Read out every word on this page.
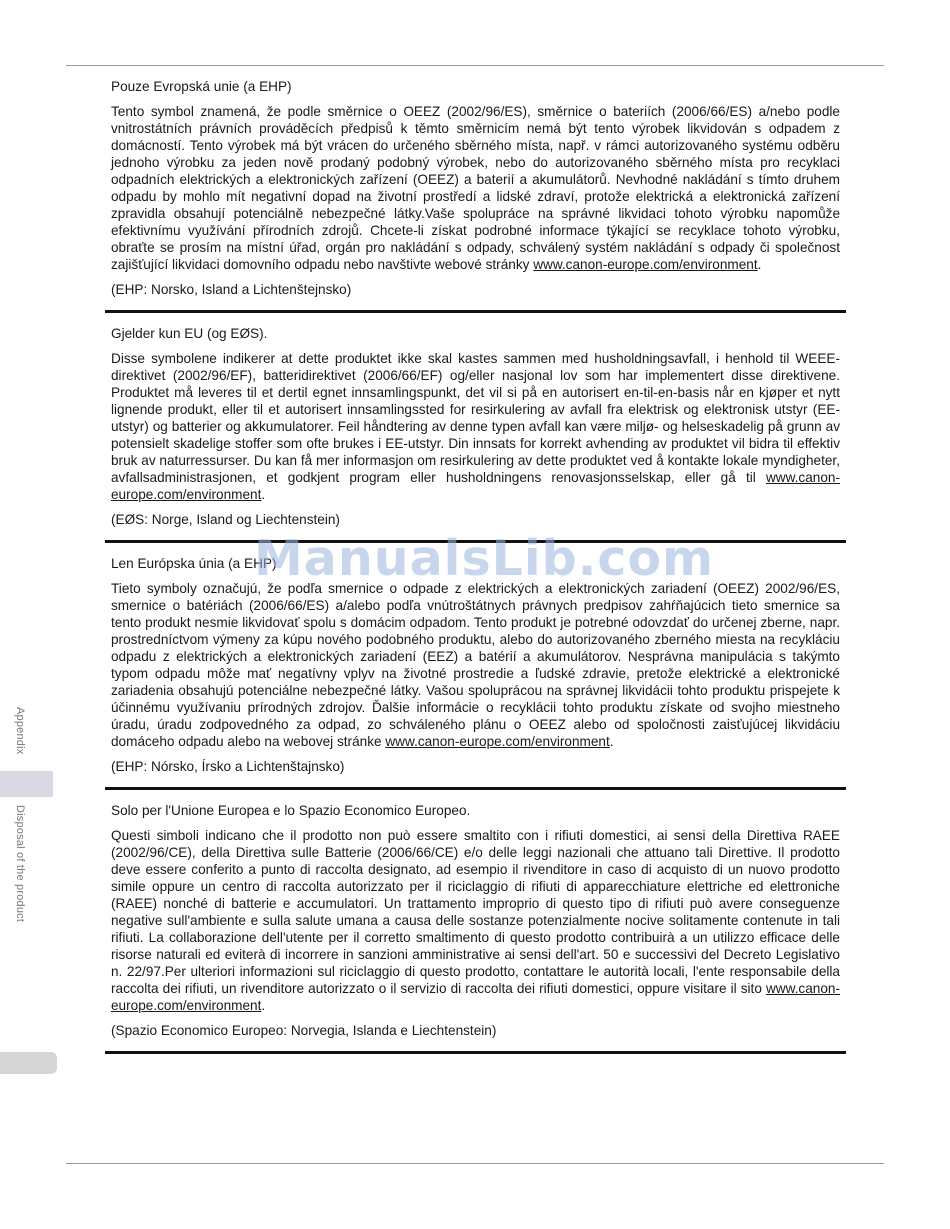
Pouze Evropská unie (a EHP)

Tento symbol znamená, že podle směrnice o OEEZ (2002/96/ES), směrnice o bateriích (2006/66/ES) a/nebo podle vnitrostátních právních prováděcích předpisů k těmto směrnicím nemá být tento výrobek likvidován s odpadem z domácností. Tento výrobek má být vrácen do určeného sběrného místa, např. v rámci autorizovaného systému odběru jednoho výrobku za jeden nově prodaný podobný výrobek, nebo do autorizovaného sběrného místa pro recyklaci odpadních elektrických a elektronických zařízení (OEEZ) a baterií a akumulátorů. Nevhodné nakládání s tímto druhem odpadu by mohlo mít negativní dopad na životní prostředí a lidské zdraví, protože elektrická a elektronická zařízení zpravidla obsahují potenciálně nebezpečné látky.Vaše spolupráce na správné likvidaci tohoto výrobku napomůže efektivnímu využívání přírodních zdrojů. Chcete-li získat podrobné informace týkající se recyklace tohoto výrobku, obraťte se prosím na místní úřad, orgán pro nakládání s odpady, schválený systém nakládání s odpady či společnost zajišťující likvidaci domovního odpadu nebo navštivte webové stránky www.canon-europe.com/environment.

(EHP: Norsko, Island a Lichtenštejnsko)

Gjelder kun EU (og EØS).

Disse symbolene indikerer at dette produktet ikke skal kastes sammen med husholdningsavfall, i henhold til WEEE-direktivet (2002/96/EF), batteridirektivet (2006/66/EF) og/eller nasjonal lov som har implementert disse direktivene. Produktet må leveres til et dertil egnet innsamlingspunkt, det vil si på en autorisert en-til-en-basis når en kjøper et nytt lignende produkt, eller til et autorisert innsamlingssted for resirkulering av avfall fra elektrisk og elektronisk utstyr (EE-utstyr) og batterier og akkumulatorer. Feil håndtering av denne typen avfall kan være miljø- og helseskadelig på grunn av potensielt skadelige stoffer som ofte brukes i EE-utstyr. Din innsats for korrekt avhending av produktet vil bidra til effektiv bruk av naturressurser. Du kan få mer informasjon om resirkulering av dette produktet ved å kontakte lokale myndigheter, avfallsadministrasjonen, et godkjent program eller husholdningens renovasjonsselskap, eller gå til www.canon-europe.com/environment.

(EØS: Norge, Island og Liechtenstein)

Len Európska únia (a EHP)

Tieto symboly označujú, že podľa smernice o odpade z elektrických a elektronických zariadení (OEEZ) 2002/96/ES, smernice o batériách (2006/66/ES) a/alebo podľa vnútroštátnych právnych predpisov zahŕňajúcich tieto smernice sa tento produkt nesmie likvidovať spolu s domácim odpadom. Tento produkt je potrebné odovzdať do určenej zberne, napr. prostredníctvom výmeny za kúpu nového podobného produktu, alebo do autorizovaného zberného miesta na recykláciu odpadu z elektrických a elektronických zariadení (EEZ) a batérií a akumulátorov. Nesprávna manipulácia s takýmto typom odpadu môže mať negatívny vplyv na životné prostredie a ľudské zdravie, pretože elektrické a elektronické zariadenia obsahujú potenciálne nebezpečné látky. Vašou spoluprácou na správnej likvidácii tohto produktu prispejete k účinnému využívaniu prírodných zdrojov. Ďalšie informácie o recyklácii tohto produktu získate od svojho miestneho úradu, úradu zodpovedného za odpad, zo schváleného plánu o OEEZ alebo od spoločnosti zaisťujúcej likvidáciu domáceho odpadu alebo na webovej stránke www.canon-europe.com/environment.

(EHP: Nórsko, Írsko a Lichtenštajnsko)

Solo per l'Unione Europea e lo Spazio Economico Europeo.

Questi simboli indicano che il prodotto non può essere smaltito con i rifiuti domestici, ai sensi della Direttiva RAEE (2002/96/CE), della Direttiva sulle Batterie (2006/66/CE) e/o delle leggi nazionali che attuano tali Direttive. Il prodotto deve essere conferito a punto di raccolta designato, ad esempio il rivenditore in caso di acquisto di un nuovo prodotto simile oppure un centro di raccolta autorizzato per il riciclaggio di rifiuti di apparecchiature elettriche ed elettroniche (RAEE) nonché di batterie e accumulatori. Un trattamento improprio di questo tipo di rifiuti può avere conseguenze negative sull'ambiente e sulla salute umana a causa delle sostanze potenzialmente nocive solitamente contenute in tali rifiuti. La collaborazione dell'utente per il corretto smaltimento di questo prodotto contribuirà a un utilizzo efficace delle risorse naturali ed eviterà di incorrere in sanzioni amministrative ai sensi dell'art. 50 e successivi del Decreto Legislativo n. 22/97.Per ulteriori informazioni sul riciclaggio di questo prodotto, contattare le autorità locali, l'ente responsabile della raccolta dei rifiuti, un rivenditore autorizzato o il servizio di raccolta dei rifiuti domestici, oppure visitare il sito www.canon-europe.com/environment.

(Spazio Economico Europeo: Norvegia, Islanda e Liechtenstein)

Appendix
Disposal of the product
ManualsLib.com
